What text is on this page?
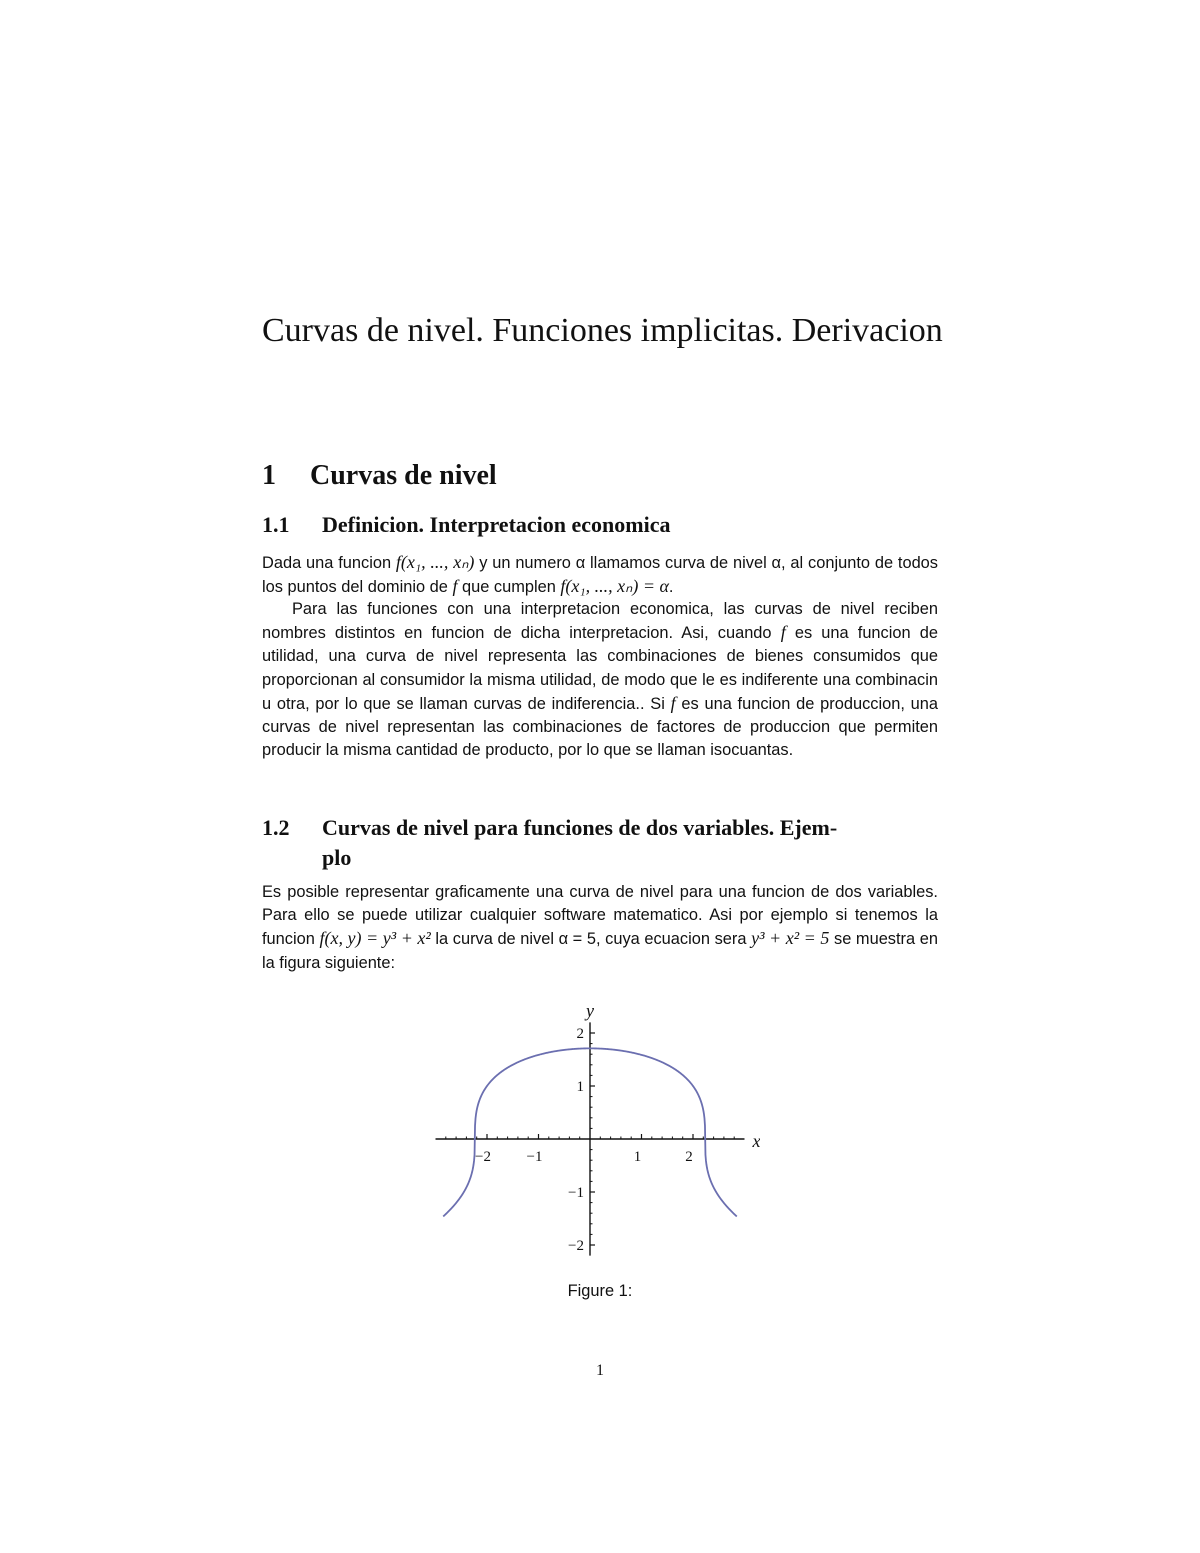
Curvas de nivel. Funciones implicitas. Derivacion
1 Curvas de nivel
1.1 Definicion. Interpretacion economica

Dada una funcion f(x₁, ..., xₙ) y un numero α llamamos curva de nivel α, al conjunto de todos los puntos del dominio de f que cumplen f(x₁, ..., xₙ) = α.

Para las funciones con una interpretacion economica, las curvas de nivel reciben nombres distintos en funcion de dicha interpretacion. Asi, cuando f es una funcion de utilidad, una curva de nivel representa las combinaciones de bienes consumidos que proporcionan al consumidor la misma utilidad, de modo que le es indiferente una combinacin u otra, por lo que se llaman curvas de indiferencia.. Si f es una funcion de produccion, una curvas de nivel representan las combinaciones de factores de produccion que permiten producir la misma cantidad de producto, por lo que se llaman isocuantas.

1.2 Curvas de nivel para funciones de dos variables. Ejem-
plo

Es posible representar graficamente una curva de nivel para una funcion de dos variables. Para ello se puede utilizar cualquier software matematico. Asi por ejemplo si tenemos la funcion f(x, y) = y³ + x² la curva de nivel α = 5, cuya ecuacion sera y³ + x² = 5 se muestra en la figura siguiente:

−2 −1	1	2
2
1
−1
−2
x
y

Figure 1:

1
